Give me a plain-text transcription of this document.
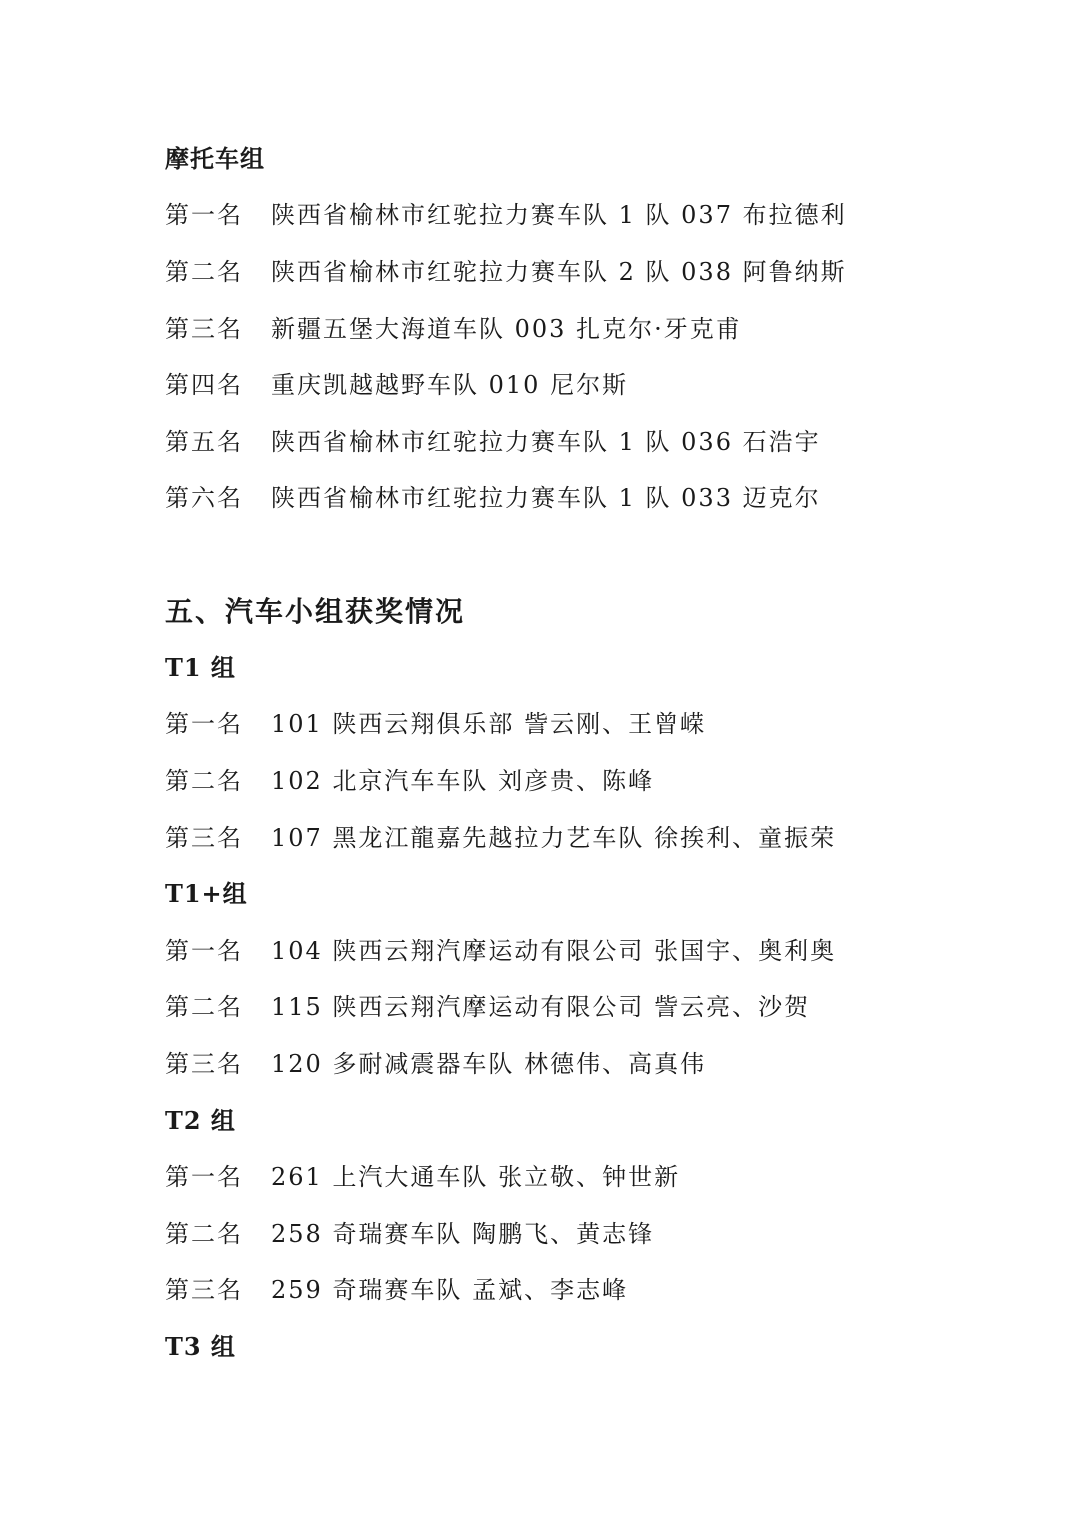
摩托车组
第一名 陕西省榆林市红驼拉力赛车队 1 队 037 布拉德利
第二名 陕西省榆林市红驼拉力赛车队 2 队 038 阿鲁纳斯
第三名 新疆五堡大海道车队 003 扎克尔·牙克甫
第四名 重庆凯越越野车队 010 尼尔斯
第五名 陕西省榆林市红驼拉力赛车队 1 队 036 石浩宇
第六名 陕西省榆林市红驼拉力赛车队 1 队 033 迈克尔
五、汽车小组获奖情况
T1 组
第一名 101 陕西云翔俱乐部 訾云刚、王曾嵘
第二名 102 北京汽车车队 刘彦贵、陈峰
第三名 107 黑龙江龍嘉先越拉力艺车队 徐挨利、童振荣
T1+组
第一名 104 陕西云翔汽摩运动有限公司 张国宇、奥利奥
第二名 115 陕西云翔汽摩运动有限公司 訾云亮、沙贺
第三名 120 多耐减震器车队 林德伟、高真伟
T2 组
第一名 261 上汽大通车队 张立敬、钟世新
第二名 258 奇瑞赛车队 陶鹏飞、黄志锋
第三名 259 奇瑞赛车队 孟斌、李志峰
T3 组
